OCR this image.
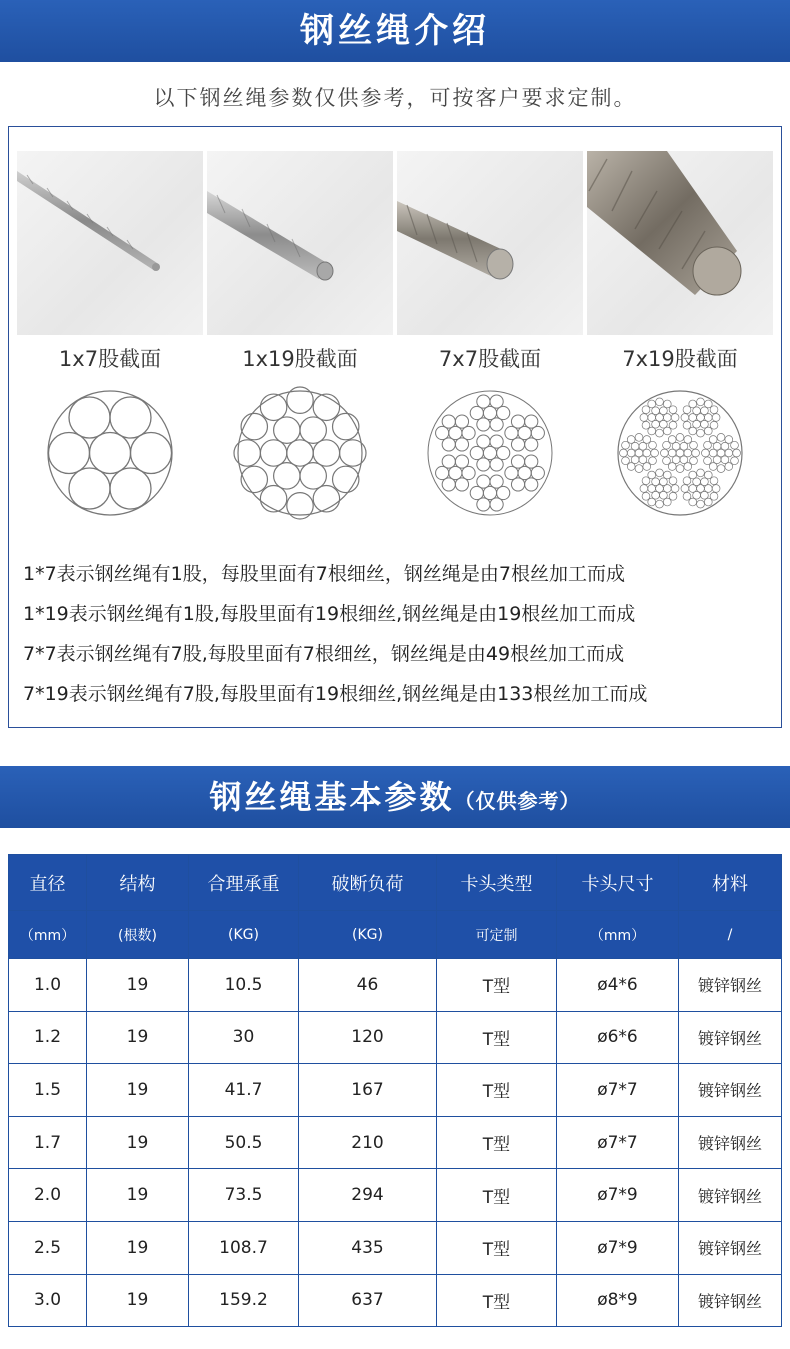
钢丝绳介绍
以下钢丝绳参数仅供参考，可按客户要求定制。
1x7股截面	1x19股截面	7x7股截面	7x19股截面
1*7表示钢丝绳有1股，每股里面有7根细丝，钢丝绳是由7根丝加工而成
1*19表示钢丝绳有1股,每股里面有19根细丝,钢丝绳是由19根丝加工而成
7*7表示钢丝绳有7股,每股里面有7根细丝，钢丝绳是由49根丝加工而成
7*19表示钢丝绳有7股,每股里面有19根细丝,钢丝绳是由133根丝加工而成
钢丝绳基本参数（仅供参考）
直径	结构	合理承重	破断负荷	卡头类型	卡头尺寸	材料
（mm）	(根数)	(KG)	(KG)	可定制	（mm）	/
1.0	19	10.5	46	T型	ø4*6	镀锌钢丝
1.2	19	30	120	T型	ø6*6	镀锌钢丝
1.5	19	41.7	167	T型	ø7*7	镀锌钢丝
1.7	19	50.5	210	T型	ø7*7	镀锌钢丝
2.0	19	73.5	294	T型	ø7*9	镀锌钢丝
2.5	19	108.7	435	T型	ø7*9	镀锌钢丝
3.0	19	159.2	637	T型	ø8*9	镀锌钢丝
